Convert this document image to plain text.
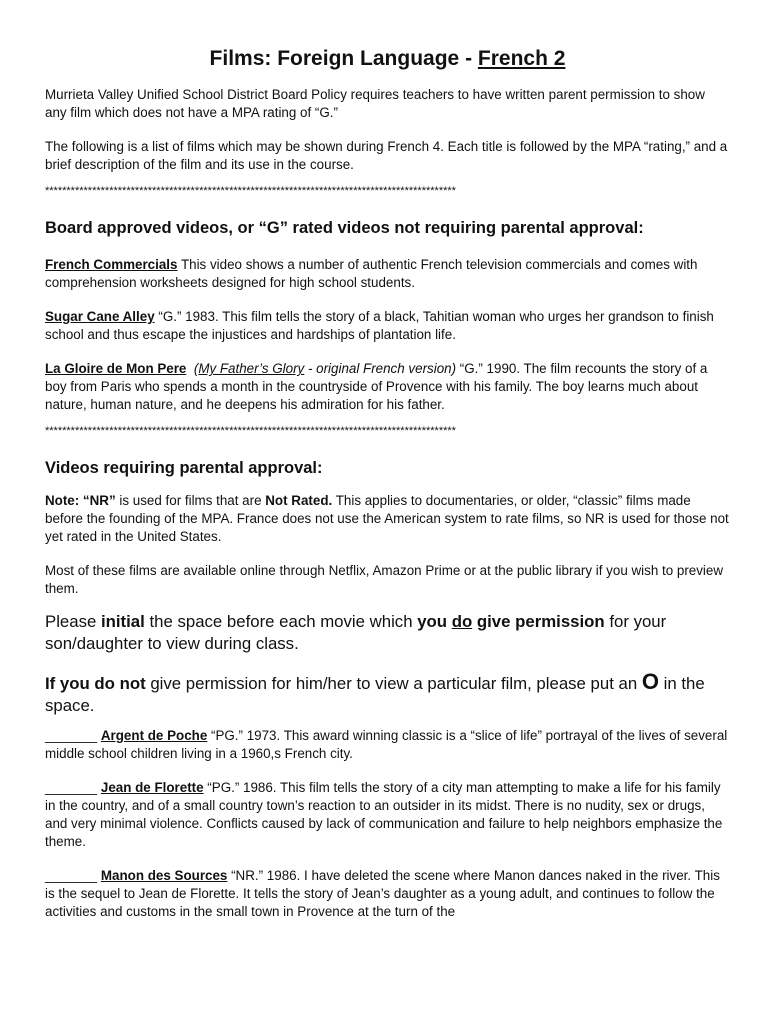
Films: Foreign Language - French 2

Murrieta Valley Unified School District Board Policy requires teachers to have written parent permission to show any film which does not have a MPA rating of “G.”

The following is a list of films which may be shown during French 4. Each title is followed by the MPA “rating,” and a brief description of the film and its use in the course.

************************************************************************************************
Board approved videos, or “G” rated videos not requiring parental approval:

French Commercials This video shows a number of authentic French television commercials and comes with comprehension worksheets designed for high school students.

Sugar Cane Alley “G.” 1983. This film tells the story of a black, Tahitian woman who urges her grandson to finish school and thus escape the injustices and hardships of plantation life.

La Gloire de Mon Pere (My Father’s Glory - original French version) “G.” 1990. The film recounts the story of a boy from Paris who spends a month in the countryside of Provence with his family. The boy learns much about nature, human nature, and he deepens his admiration for his father.

************************************************************************************************
Videos requiring parental approval:

Note: “NR” is used for films that are Not Rated. This applies to documentaries, or older, “classic” films made before the founding of the MPA. France does not use the American system to rate films, so NR is used for those not yet rated in the United States.

Most of these films are available online through Netflix, Amazon Prime or at the public library if you wish to preview them.

Please initial the space before each movie which you do give permission for your son/daughter to view during class.

If you do not give permission for him/her to view a particular film, please put an O in the space.

_______ Argent de Poche “PG.” 1973. This award winning classic is a “slice of life” portrayal of the lives of several middle school children living in a 1960,s French city.

_______ Jean de Florette “PG.” 1986. This film tells the story of a city man attempting to make a life for his family in the country, and of a small country town’s reaction to an outsider in its midst. There is no nudity, sex or drugs, and very minimal violence. Conflicts caused by lack of communication and failure to help neighbors emphasize the theme.

_______ Manon des Sources “NR.” 1986. I have deleted the scene where Manon dances naked in the river. This is the sequel to Jean de Florette. It tells the story of Jean’s daughter as a young adult, and continues to follow the activities and customs in the small town in Provence at the turn of the
